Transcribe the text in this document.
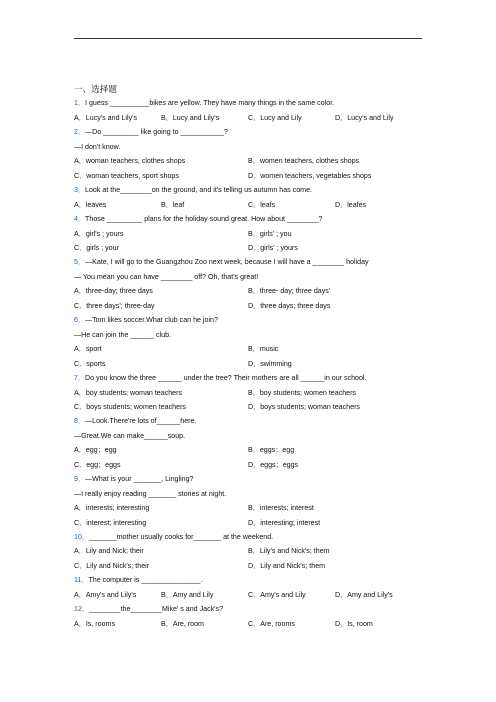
一、选择题
1．I guess __________bikes are yellow. They have many things in the same color.
A．Lucy's and Lily's	B．Lucy and Lily's	C．Lucy and Lily	D．Lucy's and Lily
2．—Do _________ like going to ___________?
—I don't know.
A．woman teachers, clothes shops	B．women teachers, clothes shops
C．woman teachers, sport shops	D．women teachers, vegetables shops
3．Look at the________on the ground, and it's telling us autumn has come.
A．leaves	B．leaf	C．leafs	D．leafes
4．Those _________ plans for the holiday sound great. How about ________?
A．girl's ; yours	B．girls' ; you
C．girls ; your	D．girls' ; yours
5．—Kate, I will go to the Guangzhou Zoo next week, because I will have a ________ holiday
— You mean you can have ________ off? Oh, that's great!
A．three-day; three days	B．three- day; three days'
C．three days'; three-day	D．three days; three days
6．—Tom likes soccer.What club can he join?
—He can join the ______ club.
A．sport	B．music
C．sports	D．swimming
7．Do you know the three ______ under the tree? Their mothers are all ______in our school.
A．boy students; woman teachers	B．boy students; women teachers
C．boys students; women teachers	D．boys students; woman teachers
8．—Look.There're lots of______here.
—Great.We can make______soup.
A．egg；egg	B．eggs；egg
C．egg；eggs	D．eggs；eggs
9．—What is your _______, Lingling?
—I really enjoy reading _______ stories at night.
A．interests; interesting	B．interests; interest
C．interest; interesting	D．interesting; interest
10．_______mother usually cooks for_______ at the weekend.
A．Lily and Nick; their	B．Lily's and Nick's; them
C．Lily and Nick's; their	D．Lily and Nick's; them
11．The computer is _______________.
A．Amy's and Lily's	B．Amy and Lily	C．Amy's and Lily	D．Amy and Lily's
12．________the________Mike' s and Jack's?
A．Is, rooms	B．Are, room	C．Are, rooms	D．Is, room
